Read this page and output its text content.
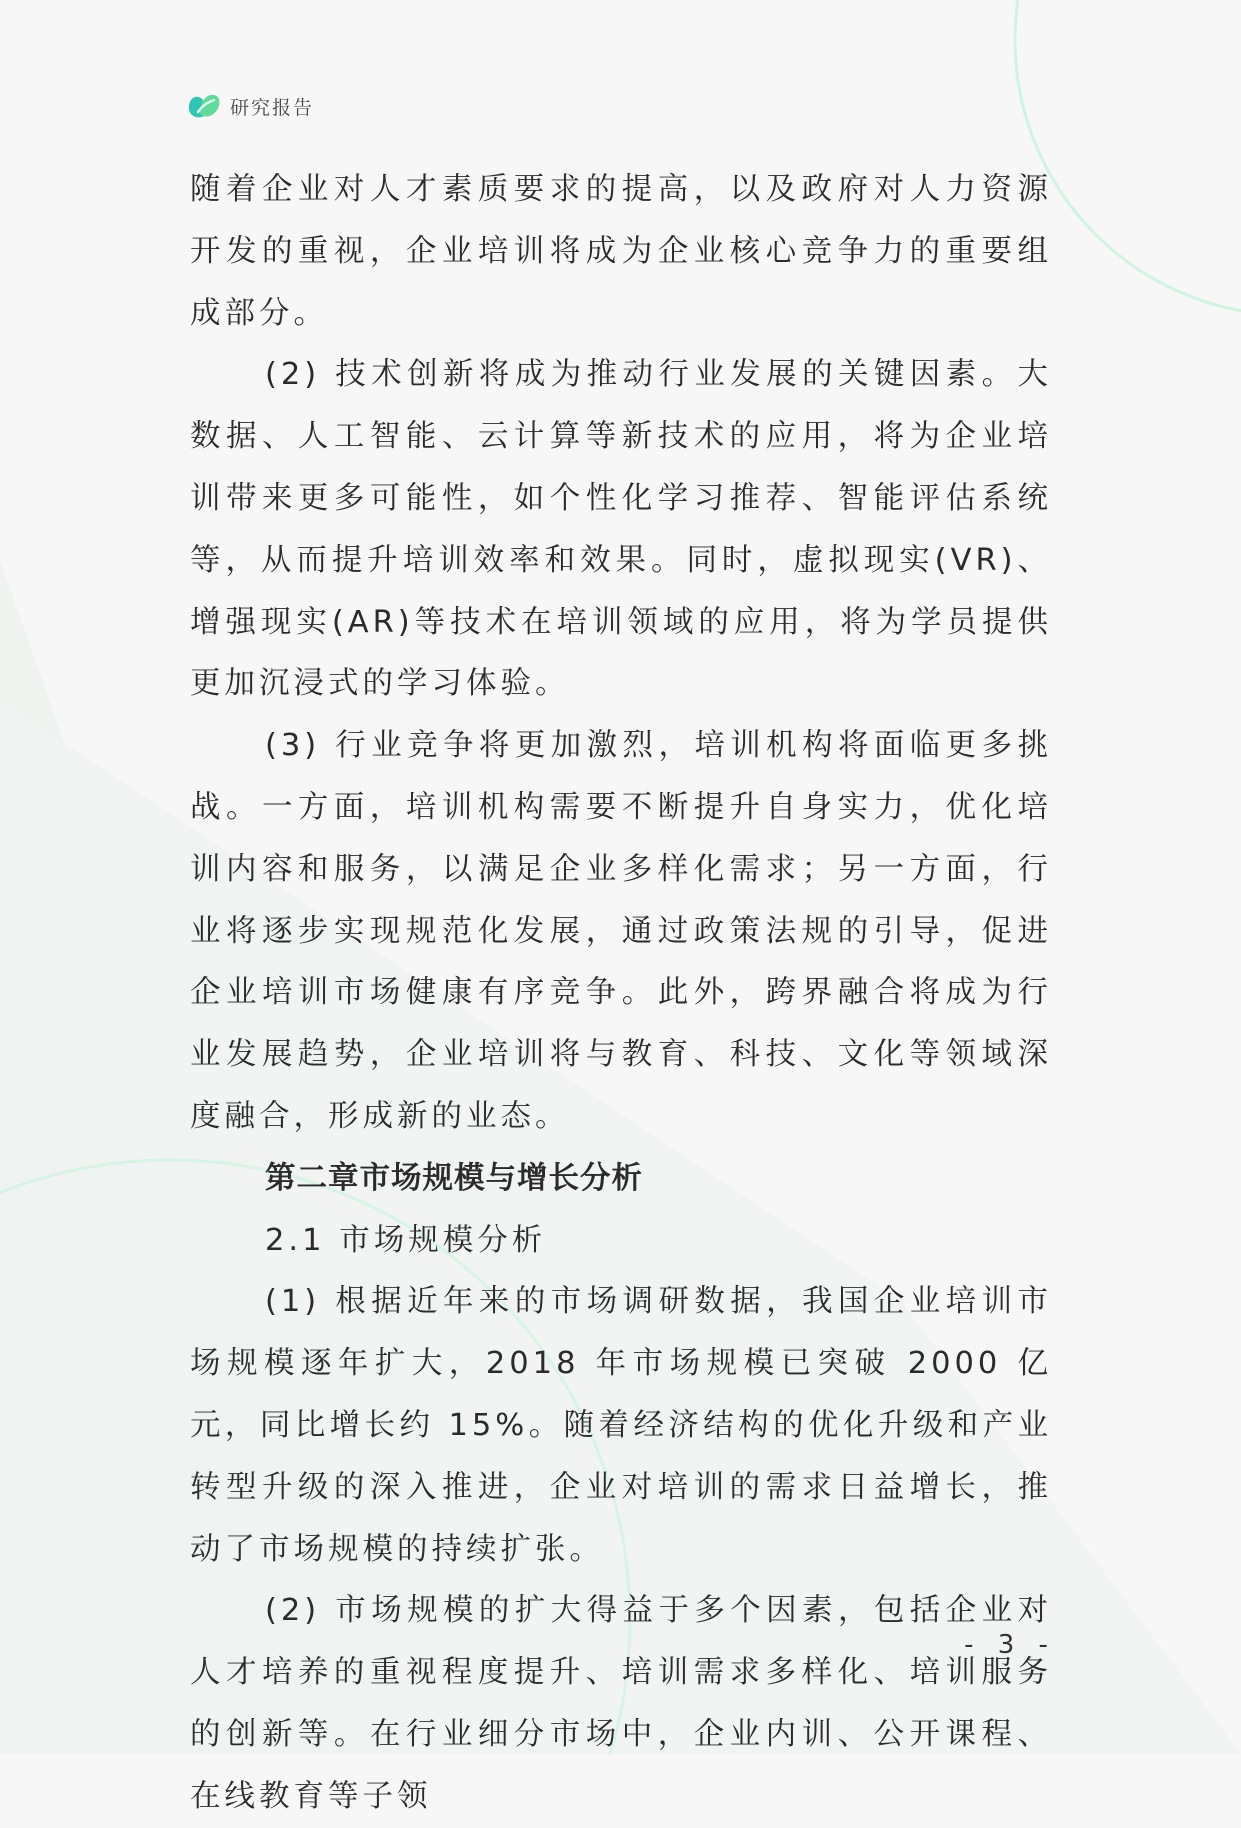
研究报告

随着企业对人才素质要求的提高，以及政府对人力资源开发的重视，企业培训将成为企业核心竞争力的重要组成部分。

(2) 技术创新将成为推动行业发展的关键因素。大数据、人工智能、云计算等新技术的应用，将为企业培训带来更多可能性，如个性化学习推荐、智能评估系统等，从而提升培训效率和效果。同时，虚拟现实(VR)、增强现实(AR)等技术在培训领域的应用，将为学员提供更加沉浸式的学习体验。

(3) 行业竞争将更加激烈，培训机构将面临更多挑战。一方面，培训机构需要不断提升自身实力，优化培训内容和服务，以满足企业多样化需求；另一方面，行业将逐步实现规范化发展，通过政策法规的引导，促进企业培训市场健康有序竞争。此外，跨界融合将成为行业发展趋势，企业培训将与教育、科技、文化等领域深度融合，形成新的业态。

第二章市场规模与增长分析

2.1 市场规模分析

(1) 根据近年来的市场调研数据，我国企业培训市场规模逐年扩大，2018 年市场规模已突破 2000 亿元，同比增长约 15%。随着经济结构的优化升级和产业转型升级的深入推进，企业对培训的需求日益增长，推动了市场规模的持续扩张。

(2) 市场规模的扩大得益于多个因素，包括企业对人才培养的重视程度提升、培训需求多样化、培训服务的创新等。在行业细分市场中，企业内训、公开课程、在线教育等子领

- 3 -
